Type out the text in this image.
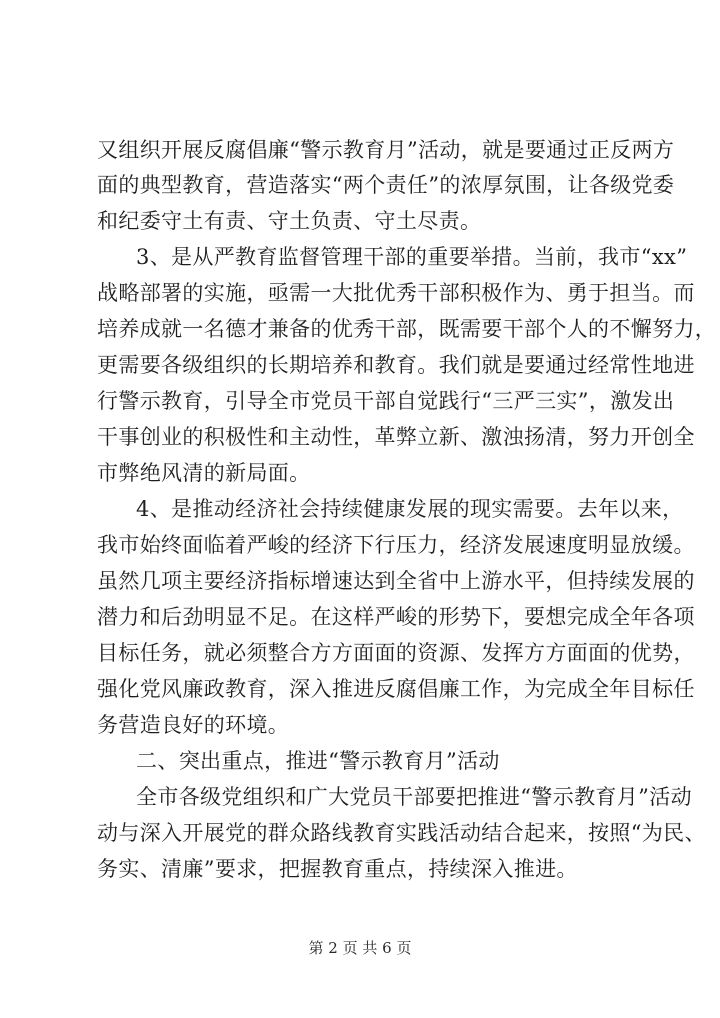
又组织开展反腐倡廉“警示教育月”活动，就是要通过正反两方
面的典型教育，营造落实“两个责任”的浓厚氛围，让各级党委
和纪委守土有责、守土负责、守土尽责。
3、是从严教育监督管理干部的重要举措。当前，我市“xx”
战略部署的实施，亟需一大批优秀干部积极作为、勇于担当。而
培养成就一名德才兼备的优秀干部，既需要干部个人的不懈努力，
更需要各级组织的长期培养和教育。我们就是要通过经常性地进
行警示教育，引导全市党员干部自觉践行“三严三实”，激发出
干事创业的积极性和主动性，革弊立新、激浊扬清，努力开创全
市弊绝风清的新局面。
4、是推动经济社会持续健康发展的现实需要。去年以来，
我市始终面临着严峻的经济下行压力，经济发展速度明显放缓。
虽然几项主要经济指标增速达到全省中上游水平，但持续发展的
潜力和后劲明显不足。在这样严峻的形势下，要想完成全年各项
目标任务，就必须整合方方面面的资源、发挥方方面面的优势，
强化党风廉政教育，深入推进反腐倡廉工作，为完成全年目标任
务营造良好的环境。
二、突出重点，推进“警示教育月”活动
全市各级党组织和广大党员干部要把推进“警示教育月”活动
动与深入开展党的群众路线教育实践活动结合起来，按照“为民、
务实、清廉”要求，把握教育重点，持续深入推进。
第 2 页 共 6 页
